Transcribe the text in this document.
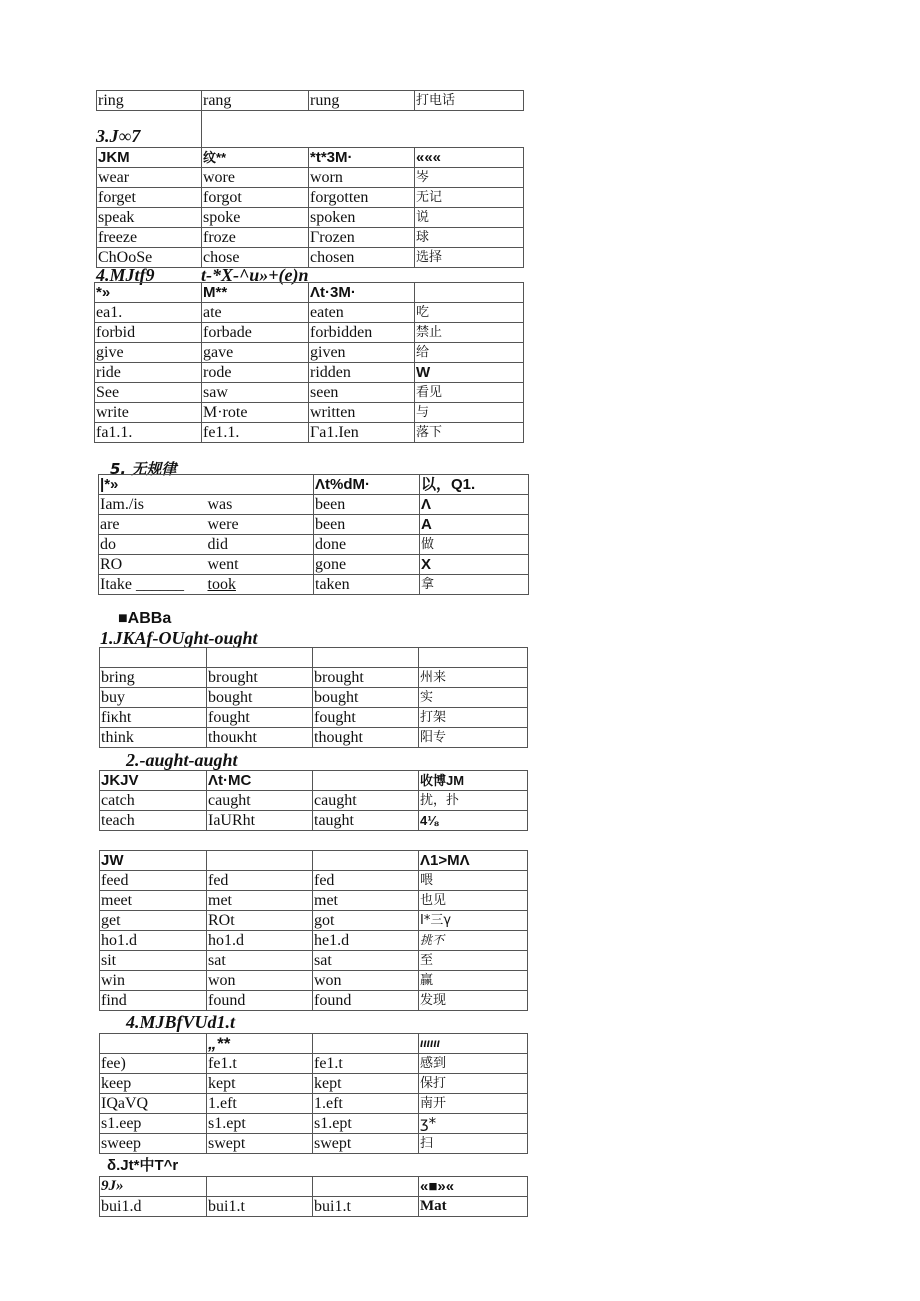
ring	rang	rung	打电话
3.J∞7
JKM	纹**	*t*3M·	«««
wear	wore	worn	岑
forget	forgot	forgotten	无记
speak	spoke	spoken	说
freeze	froze	Γrozen	球
ChOoSe	chose	chosen	选择
4.MJtf9	t-*X-^u»+(e)n
*»	M**	Λt·3M·	
ea1.	ate	eaten	吃
forbid	forbade	forbidden	禁止
give	gave	given	给
ride	rode	ridden	W
See	saw	seen	看见
write	M·rote	written	与
fa1.1.	fe1.1.	Γa1.Ien	落下
5. 无规律
|*»		Λt%dM·	以，Q1.
Iam./is	was	been	Λ
are	were	been	A
do	did	done	做
RO	went	gone	X
Itake ______	took	taken	拿
■ABBa
1.JKAf-OUght-ought

bring	brought	brought	州来
buy	bought	bought	实
fiκht	fought	fought	打架
think	thouκht	thought	阳专
2.-aught-aught
JKJV	Λt·MC		收博JM
catch	caught	caught	扰，扑
teach	IaURht	taught	4⅛
JW			Λ1>MΛ
feed	fed	fed	喂
meet	met	met	也见
get	ROt	got	I*三γ
ho1.d	ho1.d	he1.d	挑不
sit	sat	sat	至
win	won	won	赢
find	found	found	发现
4.MJBfVUd1.t
	„**		ιιιιιι
fee)	fe1.t	fe1.t	感到
keep	kept	kept	保打
IQaVQ	1.eft	1.eft	南开
s1.eep	s1.ept	s1.ept	ʒ*
sweep	swept	swept	扫
δ.Jt*中T^r
9J»			«■»«
bui1.d	bui1.t	bui1.t	Mat
